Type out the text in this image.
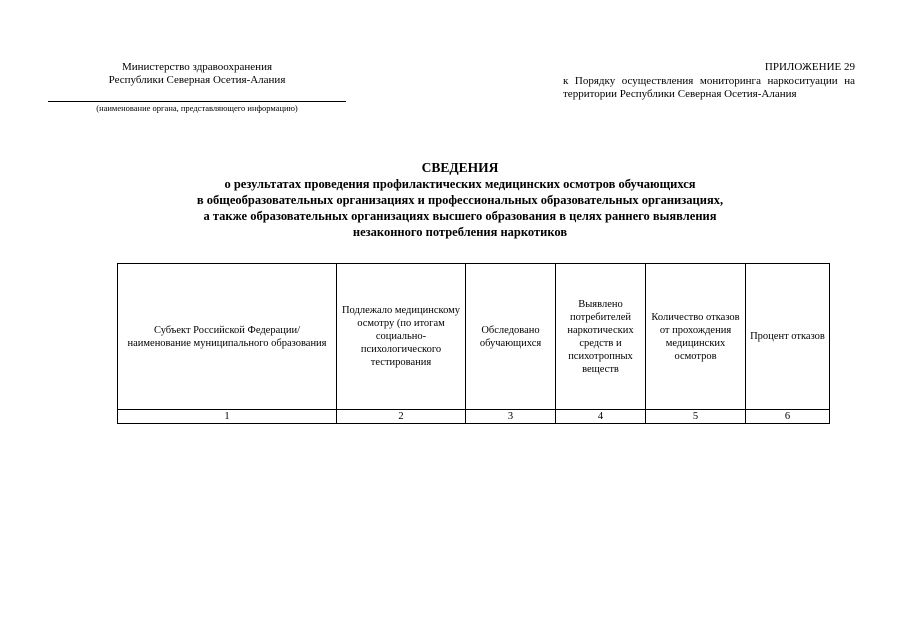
Министерство здравоохранения
Республики Северная Осетия-Алания
(наименование органа, представляющего информацию)
ПРИЛОЖЕНИЕ 29
к Порядку осуществления мониторинга наркоситуации на территории Республики Северная Осетия-Алания
СВЕДЕНИЯ
о результатах проведения профилактических медицинских осмотров обучающихся
в общеобразовательных организациях и профессиональных образовательных организациях,
а также образовательных организациях высшего образования в целях раннего выявления
незаконного потребления наркотиков
Субъект Российской Федерации/ наименование муниципального образования	Подлежало медицинскому осмотру (по итогам социально-психологического тестирования	Обследовано обучающихся	Выявлено потребителей наркотических средств и психотропных веществ	Количество отказов от прохождения медицинских осмотров	Процент отказов
1	2	3	4	5	6
